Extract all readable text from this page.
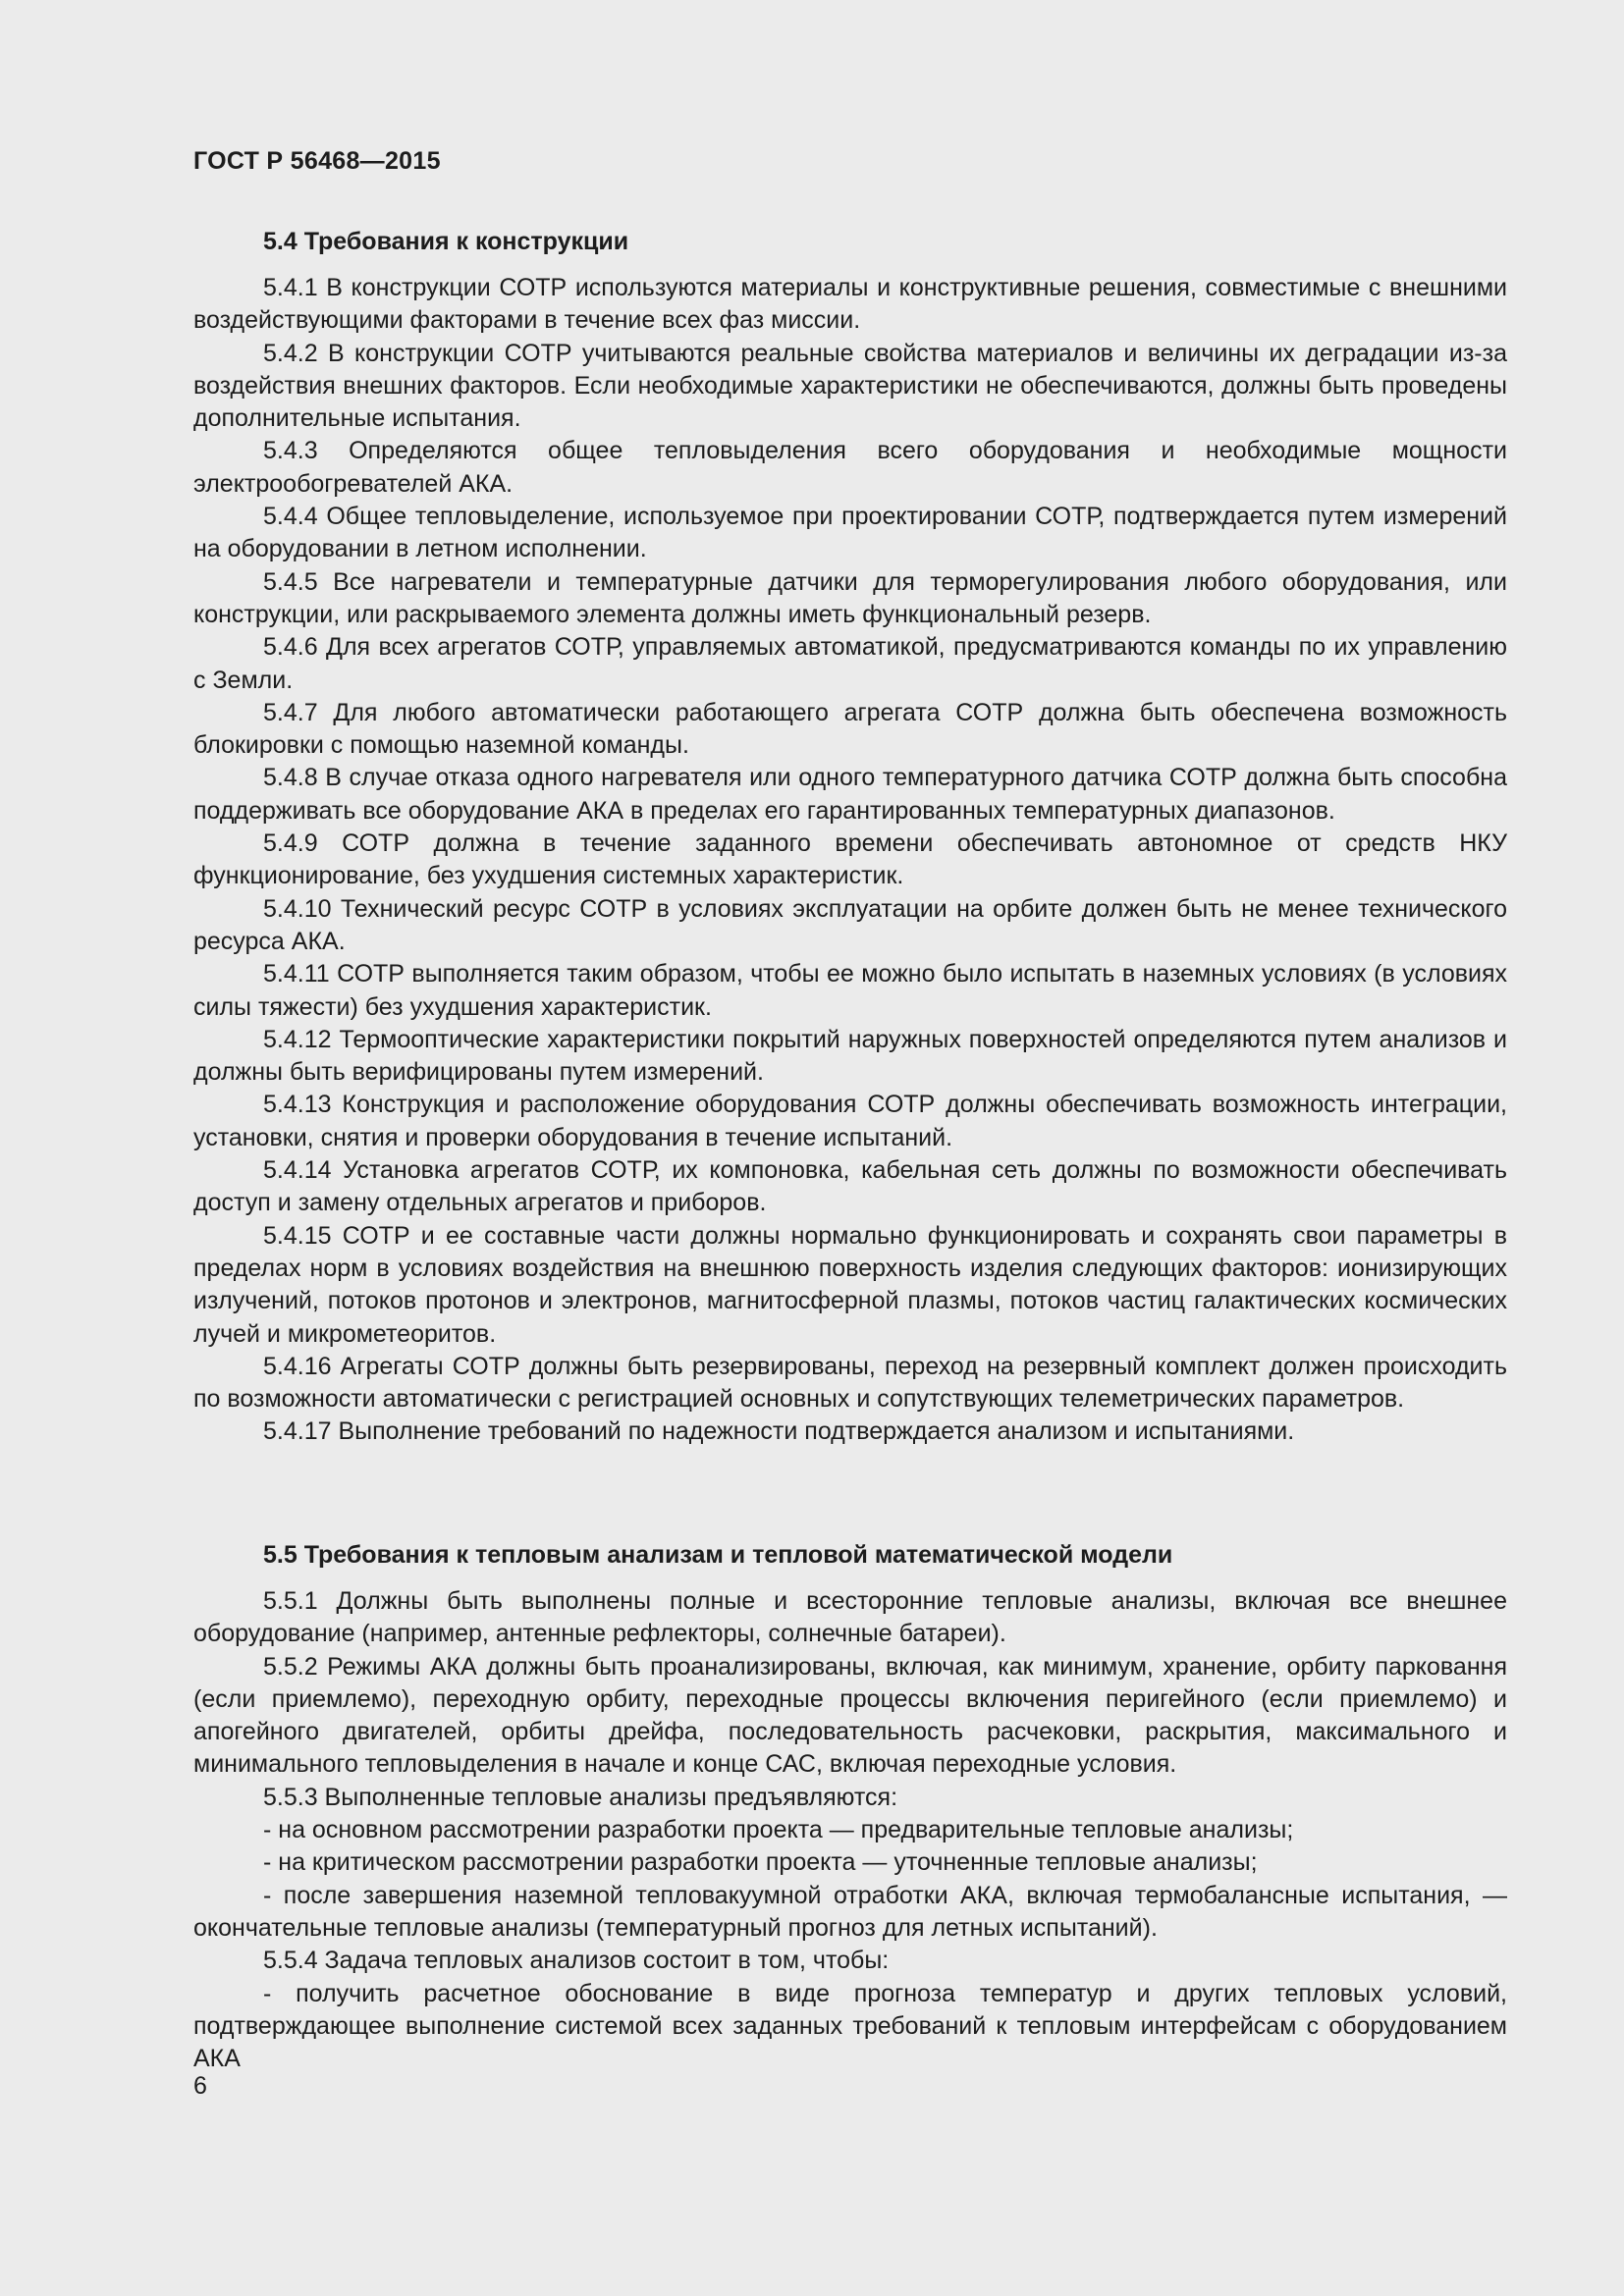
ГОСТ Р 56468—2015
5.4 Требования к конструкции

5.4.1 В конструкции СОТР используются материалы и конструктивные решения, совместимые с внешними воздействующими факторами в течение всех фаз миссии.

5.4.2 В конструкции СОТР учитываются реальные свойства материалов и величины их деградации из-за воздействия внешних факторов. Если необходимые характеристики не обеспечиваются, должны быть проведены дополнительные испытания.

5.4.3 Определяются общее тепловыделения всего оборудования и необходимые мощности электрообогревателей АКА.

5.4.4 Общее тепловыделение, используемое при проектировании СОТР, подтверждается путем измерений на оборудовании в летном исполнении.

5.4.5 Все нагреватели и температурные датчики для терморегулирования любого оборудования, или конструкции, или раскрываемого элемента должны иметь функциональный резерв.

5.4.6 Для всех агрегатов СОТР, управляемых автоматикой, предусматриваются команды по их управлению с Земли.

5.4.7 Для любого автоматически работающего агрегата СОТР должна быть обеспечена возможность блокировки с помощью наземной команды.

5.4.8 В случае отказа одного нагревателя или одного температурного датчика СОТР должна быть способна поддерживать все оборудование АКА в пределах его гарантированных температурных диапазонов.

5.4.9 СОТР должна в течение заданного времени обеспечивать автономное от средств НКУ функционирование, без ухудшения системных характеристик.

5.4.10 Технический ресурс СОТР в условиях эксплуатации на орбите должен быть не менее технического ресурса АКА.

5.4.11 СОТР выполняется таким образом, чтобы ее можно было испытать в наземных условиях (в условиях силы тяжести) без ухудшения характеристик.

5.4.12 Термооптические характеристики покрытий наружных поверхностей определяются путем анализов и должны быть верифицированы путем измерений.

5.4.13 Конструкция и расположение оборудования СОТР должны обеспечивать возможность интеграции, установки, снятия и проверки оборудования в течение испытаний.

5.4.14 Установка агрегатов СОТР, их компоновка, кабельная сеть должны по возможности обеспечивать доступ и замену отдельных агрегатов и приборов.

5.4.15 СОТР и ее составные части должны нормально функционировать и сохранять свои параметры в пределах норм в условиях воздействия на внешнюю поверхность изделия следующих факторов: ионизирующих излучений, потоков протонов и электронов, магнитосферной плазмы, потоков частиц галактических космических лучей и микрометеоритов.

5.4.16 Агрегаты СОТР должны быть резервированы, переход на резервный комплект должен происходить по возможности автоматически с регистрацией основных и сопутствующих телеметрических параметров.

5.4.17 Выполнение требований по надежности подтверждается анализом и испытаниями.

5.5 Требования к тепловым анализам и тепловой математической модели

5.5.1 Должны быть выполнены полные и всесторонние тепловые анализы, включая все внешнее оборудование (например, антенные рефлекторы, солнечные батареи).

5.5.2 Режимы АКА должны быть проанализированы, включая, как минимум, хранение, орбиту парковання (если приемлемо), переходную орбиту, переходные процессы включения перигейного (если приемлемо) и апогейного двигателей, орбиты дрейфа, последовательность расчековки, раскрытия, максимального и минимального тепловыделения в начале и конце САС, включая переходные условия.

5.5.3 Выполненные тепловые анализы предъявляются:

- на основном рассмотрении разработки проекта — предварительные тепловые анализы;

- на критическом рассмотрении разработки проекта — уточненные тепловые анализы;

- после завершения наземной тепловакуумной отработки АКА, включая термобалансные испытания, — окончательные тепловые анализы (температурный прогноз для летных испытаний).

5.5.4 Задача тепловых анализов состоит в том, чтобы:

- получить расчетное обоснование в виде прогноза температур и других тепловых условий, подтверждающее выполнение системой всех заданных требований к тепловым интерфейсам с оборудованием АКА

6
